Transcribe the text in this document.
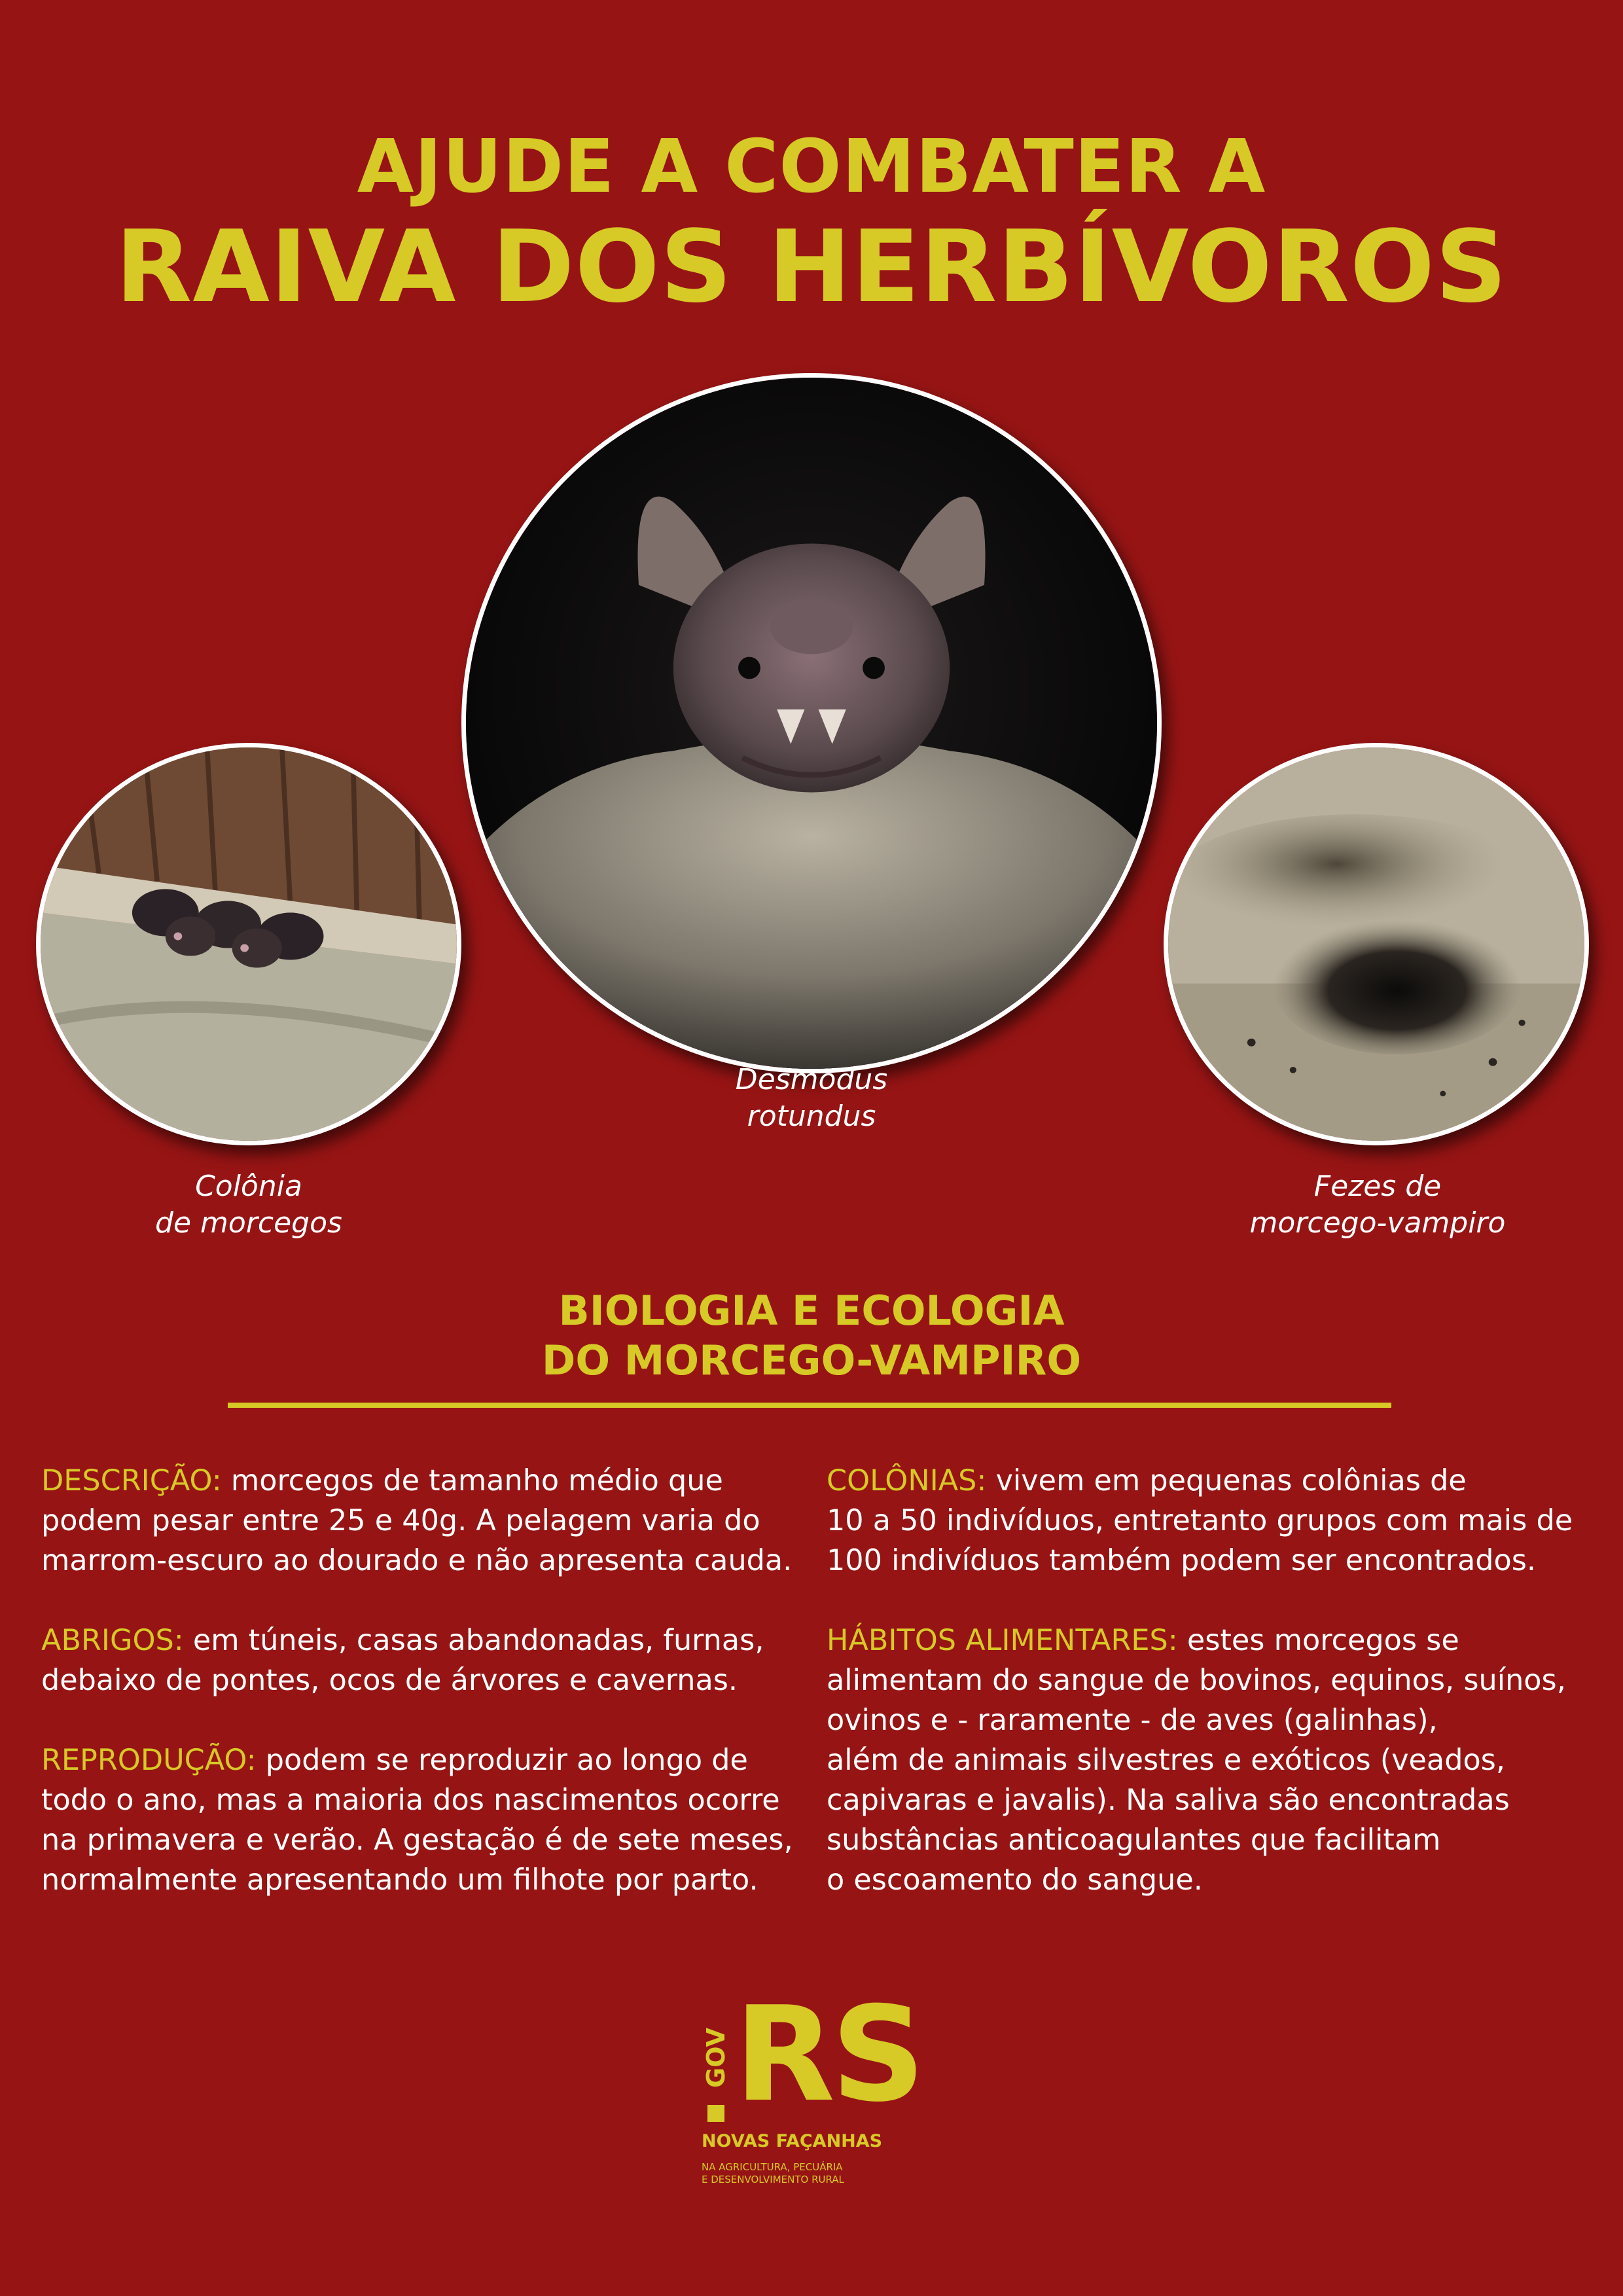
AJUDE A COMBATER A
RAIVA DOS HERBÍVOROS
Desmodus
rotundus
Colônia
de morcegos
Fezes de
morcego-vampiro
BIOLOGIA E ECOLOGIA
DO MORCEGO-VAMPIRO

DESCRIÇÃO: morcegos de tamanho médio que
podem pesar entre 25 e 40g. A pelagem varia do
marrom-escuro ao dourado e não apresenta cauda.

ABRIGOS: em túneis, casas abandonadas, furnas,
debaixo de pontes, ocos de árvores e cavernas.

REPRODUÇÃO: podem se reproduzir ao longo de
todo o ano, mas a maioria dos nascimentos ocorre
na primavera e verão. A gestação é de sete meses,
normalmente apresentando um filhote por parto.

COLÔNIAS: vivem em pequenas colônias de
10 a 50 indivíduos, entretanto grupos com mais de
100 indivíduos também podem ser encontrados.

HÁBITOS ALIMENTARES: estes morcegos se
alimentam do sangue de bovinos, equinos, suínos,
ovinos e - raramente - de aves (galinhas),
além de animais silvestres e exóticos (veados,
capivaras e javalis). Na saliva são encontradas
substâncias anticoagulantes que facilitam
o escoamento do sangue.

GOV RS
NOVAS FAÇANHAS
NA AGRICULTURA, PECUÁRIA
E DESENVOLVIMENTO RURAL
